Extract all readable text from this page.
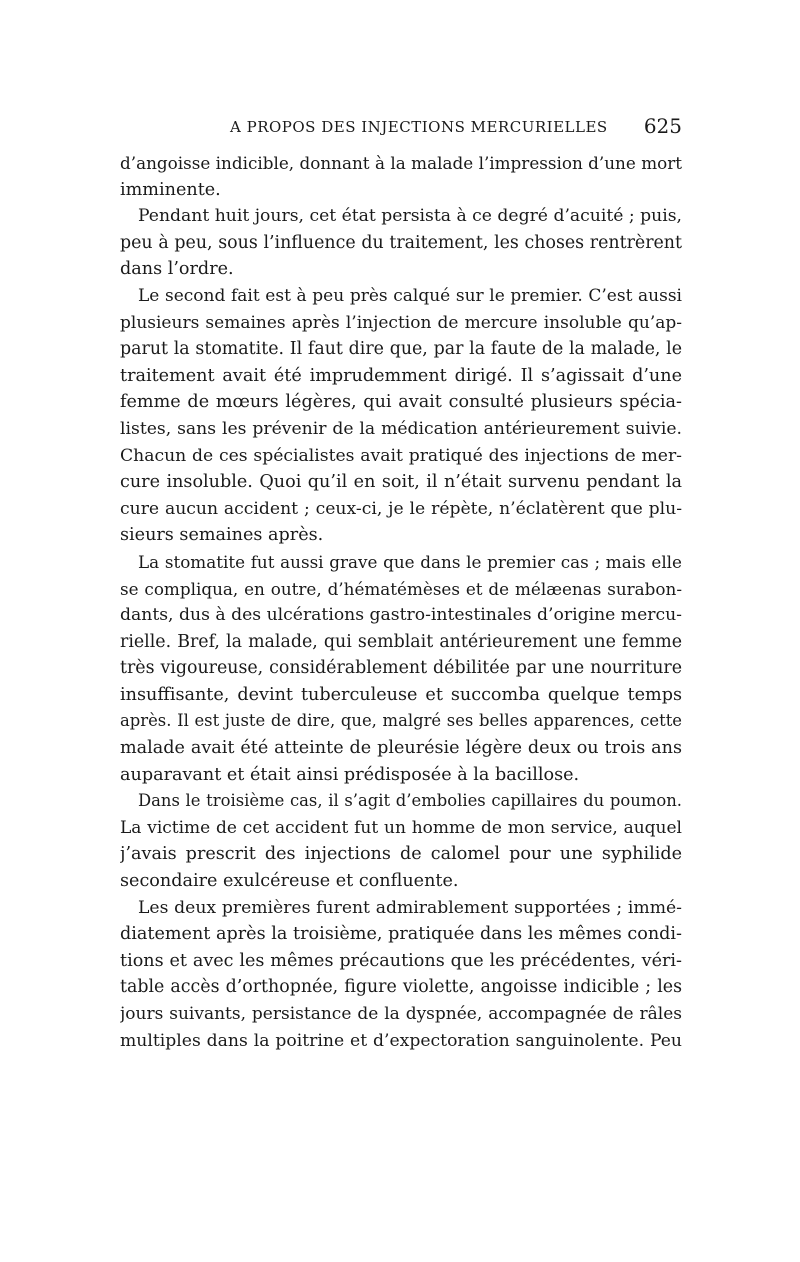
A PROPOS DES INJECTIONS MERCURIELLES 625
d’angoisse indicible, donnant à la malade l’impression d’une mort
imminente.
Pendant huit jours, cet état persista à ce degré d’acuité ; puis,
peu à peu, sous l’influence du traitement, les choses rentrèrent
dans l’ordre.
Le second fait est à peu près calqué sur le premier. C’est aussi
plusieurs semaines après l’injection de mercure insoluble qu’ap-
parut la stomatite. Il faut dire que, par la faute de la malade, le
traitement avait été imprudemment dirigé. Il s’agissait d’une
femme de mœurs légères, qui avait consulté plusieurs spécia-
listes, sans les prévenir de la médication antérieurement suivie.
Chacun de ces spécialistes avait pratiqué des injections de mer-
cure insoluble. Quoi qu’il en soit, il n’était survenu pendant la
cure aucun accident ; ceux-ci, je le répète, n’éclatèrent que plu-
sieurs semaines après.
La stomatite fut aussi grave que dans le premier cas ; mais elle
se compliqua, en outre, d’hématémèses et de mélæenas surabon-
dants, dus à des ulcérations gastro-intestinales d’origine mercu-
rielle. Bref, la malade, qui semblait antérieurement une femme
très vigoureuse, considérablement débilitée par une nourriture
insuffisante, devint tuberculeuse et succomba quelque temps
après. Il est juste de dire, que, malgré ses belles apparences, cette
malade avait été atteinte de pleurésie légère deux ou trois ans
auparavant et était ainsi prédisposée à la bacillose.
Dans le troisième cas, il s’agit d’embolies capillaires du poumon.
La victime de cet accident fut un homme de mon service, auquel
j’avais prescrit des injections de calomel pour une syphilide
secondaire exulcéreuse et confluente.
Les deux premières furent admirablement supportées ; immé-
diatement après la troisième, pratiquée dans les mêmes condi-
tions et avec les mêmes précautions que les précédentes, véri-
table accès d’orthopnée, figure violette, angoisse indicible ; les
jours suivants, persistance de la dyspnée, accompagnée de râles
multiples dans la poitrine et d’expectoration sanguinolente. Peu
